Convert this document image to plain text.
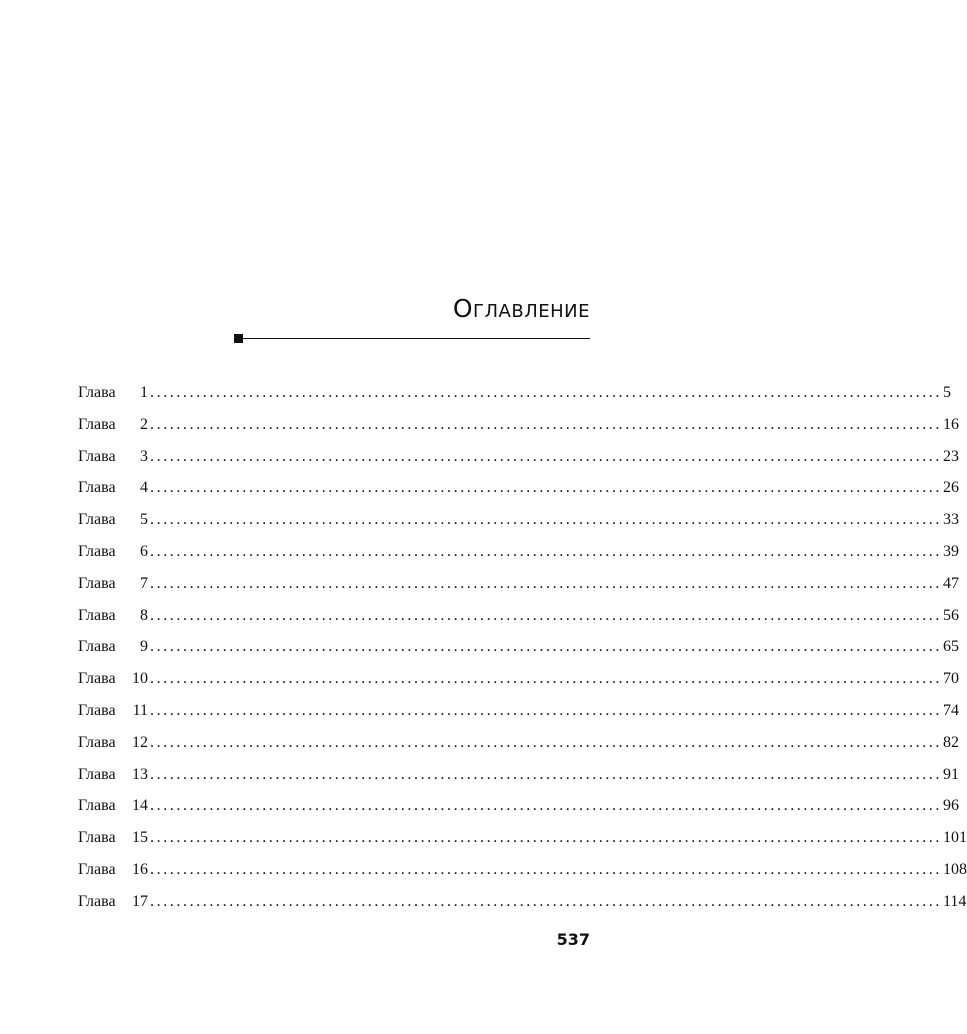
Оглавление
Глава	1 ........................................................................................................................ 5
Глава	2 ........................................................................................................................ 16
Глава	3 ........................................................................................................................ 23
Глава	4 ........................................................................................................................ 26
Глава	5 ........................................................................................................................ 33
Глава	6 ........................................................................................................................ 39
Глава	7 ........................................................................................................................ 47
Глава	8 ........................................................................................................................ 56
Глава	9 ........................................................................................................................ 65
Глава	10 ........................................................................................................................ 70
Глава	11 ........................................................................................................................ 74
Глава	12 ........................................................................................................................ 82
Глава	13 ........................................................................................................................ 91
Глава	14 ........................................................................................................................ 96
Глава	15 ........................................................................................................................ 101
Глава	16 ........................................................................................................................ 108
Глава	17 ........................................................................................................................ 114
537
